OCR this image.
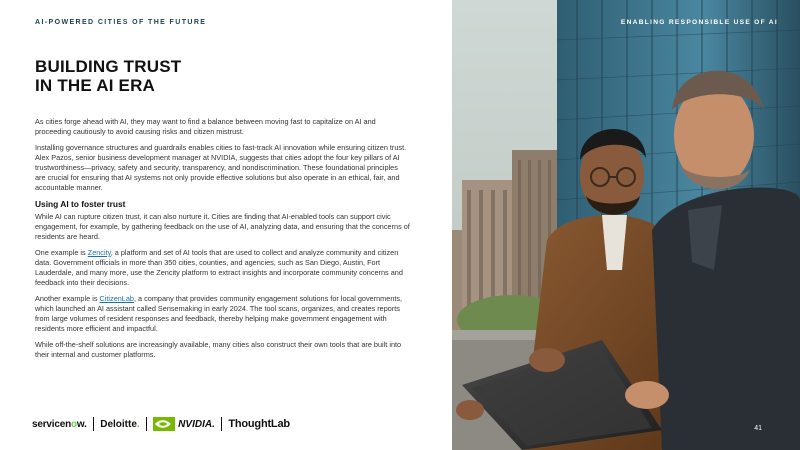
AI-POWERED CITIES OF THE FUTURE
BUILDING TRUST
IN THE AI ERA

As cities forge ahead with AI, they may want to find a balance between moving fast to capitalize on AI and proceeding cautiously to avoid causing risks and citizen mistrust.

Installing governance structures and guardrails enables cities to fast-track AI innovation while ensuring citizen trust. Alex Pazos, senior business development manager at NVIDIA, suggests that cities adopt the four key pillars of AI trustworthiness—privacy, safety and security, transparency, and nondiscrimination. These foundational principles are crucial for ensuring that AI systems not only provide effective solutions but also operate in an ethical, fair, and accountable manner.

Using AI to foster trust

While AI can rupture citizen trust, it can also nurture it. Cities are finding that AI-enabled tools can support civic engagement, for example, by gathering feedback on the use of AI, analyzing data, and ensuring that the concerns of residents are heard.

One example is Zencity, a platform and set of AI tools that are used to collect and analyze community and citizen data. Government officials in more than 350 cities, counties, and agencies, such as San Diego, Austin, Fort Lauderdale, and many more, use the Zencity platform to extract insights and incorporate community concerns and feedback into their decisions.

Another example is CitizenLab, a company that provides community engagement solutions for local governments, which launched an AI assistant called Sensemaking in early 2024. The tool scans, organizes, and creates reports from large volumes of resident responses and feedback, thereby helping make government engagement with residents more efficient and impactful.

While off-the-shelf solutions are increasingly available, many cities also construct their own tools that are built into their internal and customer platforms.

servicenow. Deloitte.	NVIDIA. ThoughtLab
ENABLING RESPONSIBLE USE OF AI
41
